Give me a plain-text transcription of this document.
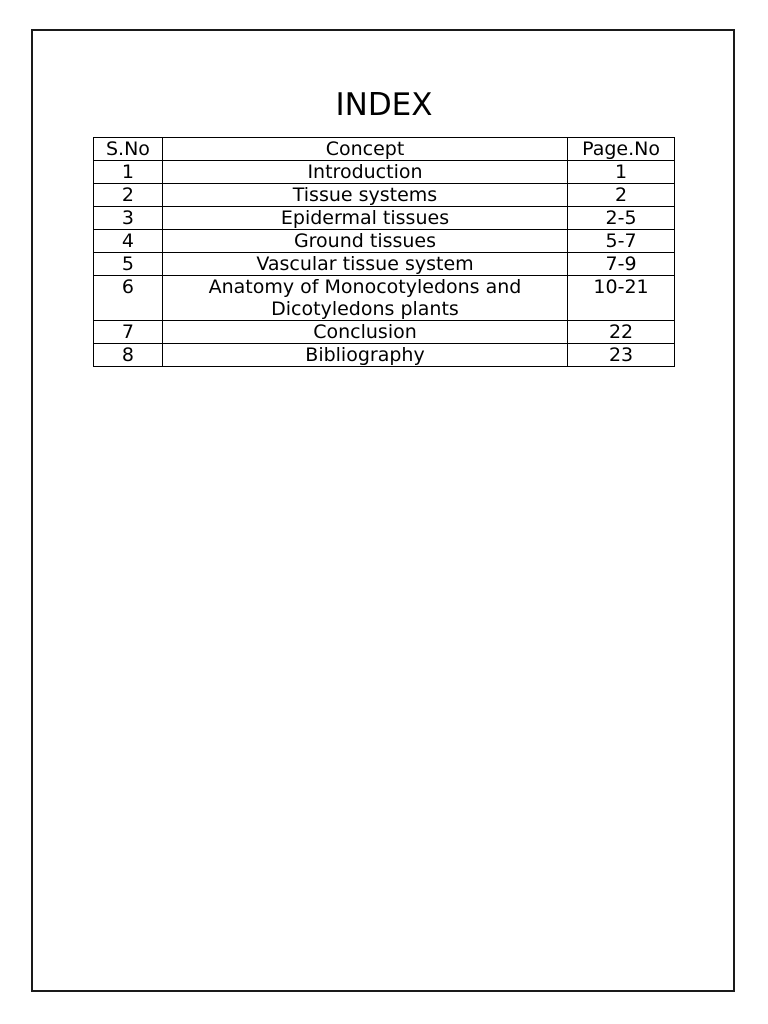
INDEX
S.No	Concept	Page.No
1	Introduction	1
2	Tissue systems	2
3	Epidermal tissues	2-5
4	Ground tissues	5-7
5	Vascular tissue system	7-9
6	Anatomy of Monocotyledons and Dicotyledons plants	10-21
7	Conclusion	22
8	Bibliography	23
